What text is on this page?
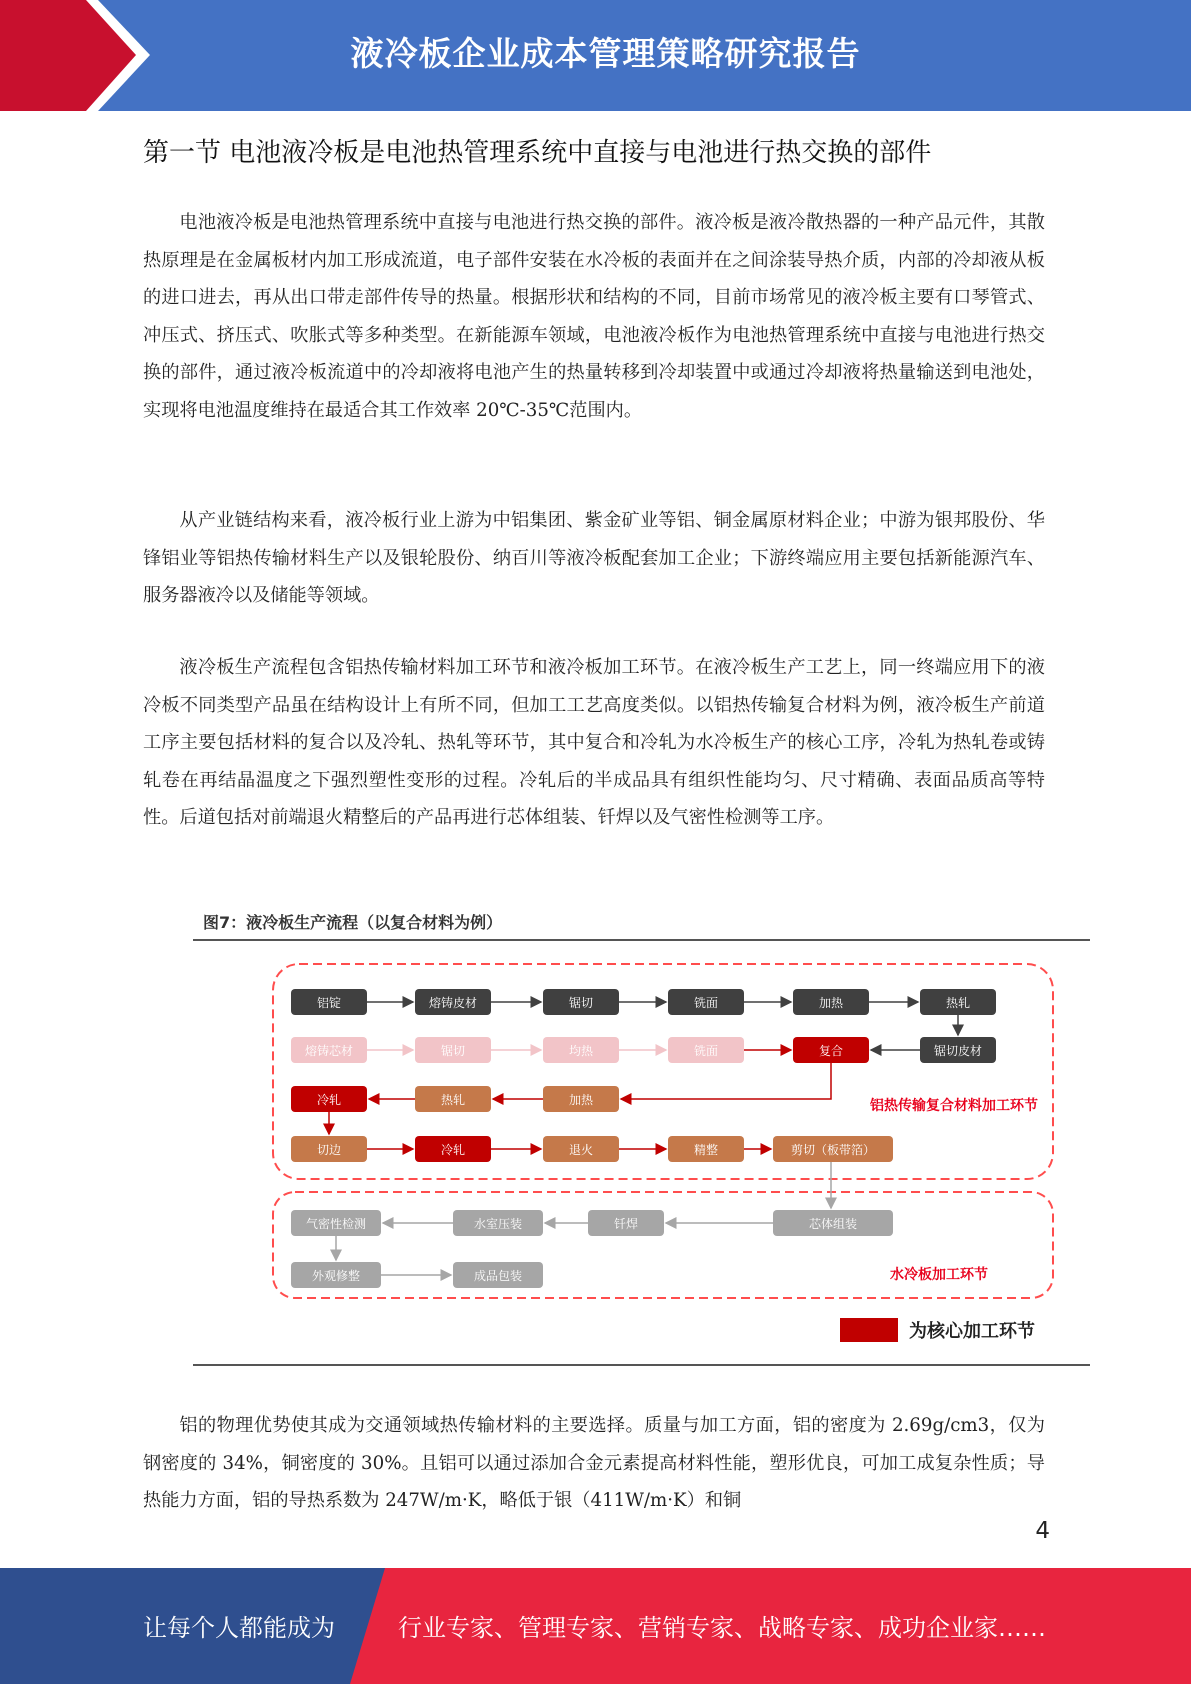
液冷板企业成本管理策略研究报告
第一节 电池液冷板是电池热管理系统中直接与电池进行热交换的部件

电池液冷板是电池热管理系统中直接与电池进行热交换的部件。液冷板是液冷散热器的一种产品元件，其散热原理是在金属板材内加工形成流道，电子部件安装在水冷板的表面并在之间涂装导热介质，内部的冷却液从板的进口进去，再从出口带走部件传导的热量。根据形状和结构的不同，目前市场常见的液冷板主要有口琴管式、冲压式、挤压式、吹胀式等多种类型。在新能源车领域，电池液冷板作为电池热管理系统中直接与电池进行热交换的部件，通过液冷板流道中的冷却液将电池产生的热量转移到冷却装置中或通过冷却液将热量输送到电池处，实现将电池温度维持在最适合其工作效率 20℃-35℃范围内。

从产业链结构来看，液冷板行业上游为中铝集团、紫金矿业等铝、铜金属原材料企业；中游为银邦股份、华锋铝业等铝热传输材料生产以及银轮股份、纳百川等液冷板配套加工企业；下游终端应用主要包括新能源汽车、服务器液冷以及储能等领域。

液冷板生产流程包含铝热传输材料加工环节和液冷板加工环节。在液冷板生产工艺上，同一终端应用下的液冷板不同类型产品虽在结构设计上有所不同，但加工工艺高度类似。以铝热传输复合材料为例，液冷板生产前道工序主要包括材料的复合以及冷轧、热轧等环节，其中复合和冷轧为水冷板生产的核心工序，冷轧为热轧卷或铸轧卷在再结晶温度之下强烈塑性变形的过程。冷轧后的半成品具有组织性能均匀、尺寸精确、表面品质高等特性。后道包括对前端退火精整后的产品再进行芯体组装、钎焊以及气密性检测等工序。

铝锭	熔铸皮材	锯切	铣面	加热	热轧
熔铸芯材	锯切	均热	铣面	复合	锯切皮材
冷轧	热轧	加热
切边	冷轧	退火	精整	剪切（板带箔）
气密性检测	水室压装	钎焊	芯体组装
外观修整	成品包装
铝热传输复合材料加工环节
水冷板加工环节
为核心加工环节
图7：液冷板生产流程（以复合材料为例）

铝的物理优势使其成为交通领域热传输材料的主要选择。质量与加工方面，铝的密度为 2.69g/cm3，仅为钢密度的 34%，铜密度的 30%。且铝可以通过添加合金元素提高材料性能，塑形优良，可加工成复杂性质；导热能力方面，铝的导热系数为 247W/m·K，略低于银（411W/m·K）和铜

4
让每个人都能成为	行业专家、管理专家、营销专家、战略专家、成功企业家……
